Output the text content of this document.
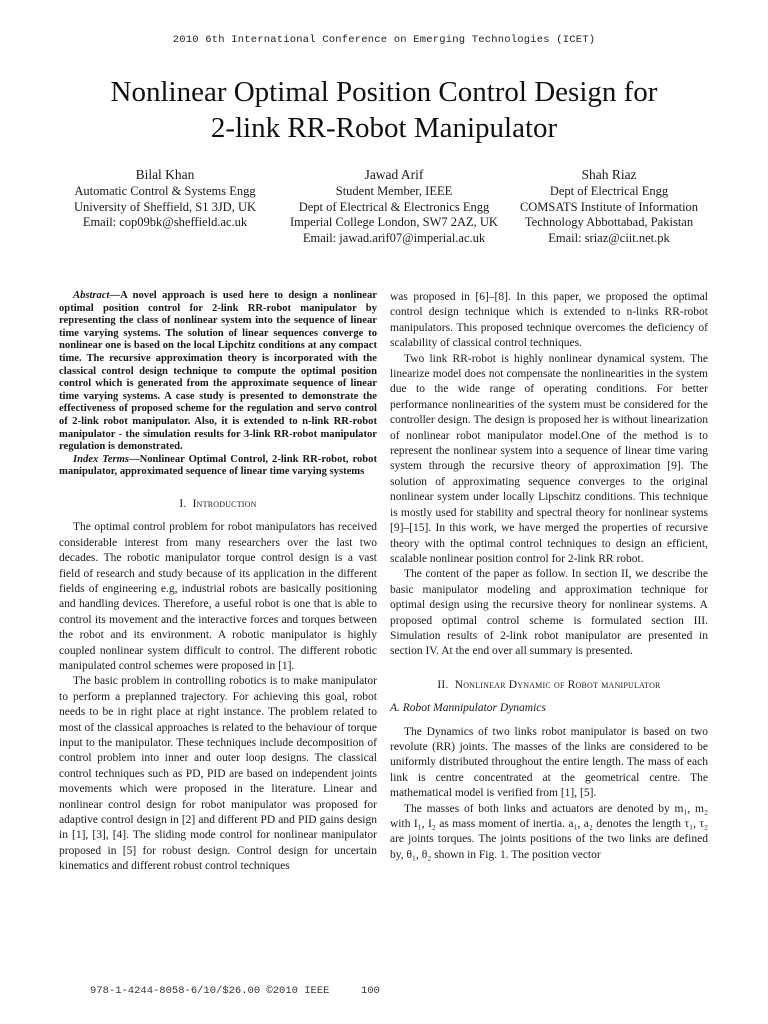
2010 6th International Conference on Emerging Technologies (ICET)
Nonlinear Optimal Position Control Design for
2-link RR-Robot Manipulator
Bilal Khan
Automatic Control & Systems Engg
University of Sheffield, S1 3JD, UK
Email: cop09bk@sheffield.ac.uk
Jawad Arif
Student Member, IEEE
Dept of Electrical & Electronics Engg
Imperial College London, SW7 2AZ, UK
Email: jawad.arif07@imperial.ac.uk
Shah Riaz
Dept of Electrical Engg
COMSATS Institute of Information
Technology Abbottabad, Pakistan
Email: sriaz@ciit.net.pk

Abstract—A novel approach is used here to design a nonlinear optimal position control for 2-link RR-robot manipulator by representing the class of nonlinear system into the sequence of linear time varying systems. The solution of linear sequences converge to nonlinear one is based on the local Lipchitz conditions at any compact time. The recursive approximation theory is incorporated with the classical control design technique to compute the optimal position control which is generated from the approximate sequence of linear time varying systems. A case study is presented to demonstrate the effectiveness of proposed scheme for the regulation and servo control of 2-link robot manipulator. Also, it is extended to n-link RR-robot manipulator - the simulation results for 3-link RR-robot manipulator regulation is demonstrated.

Index Terms—Nonlinear Optimal Control, 2-link RR-robot, robot manipulator, approximated sequence of linear time varying systems

I. Introduction

The optimal control problem for robot manipulators has received considerable interest from many researchers over the last two decades. The robotic manipulator torque control design is a vast field of research and study because of its application in the different fields of engineering e.g, industrial robots are basically positioning and handling devices. Therefore, a useful robot is one that is able to control its movement and the interactive forces and torques between the robot and its environment. A robotic manipulator is highly coupled nonlinear system difficult to control. The different robotic manipulated control schemes were proposed in [1].

The basic problem in controlling robotics is to make manipulator to perform a preplanned trajectory. For achieving this goal, robot needs to be in right place at right instance. The problem related to most of the classical approaches is related to the behaviour of torque input to the manipulator. These techniques include decomposition of control problem into inner and outer loop designs. The classical control techniques such as PD, PID are based on independent joints movements which were proposed in the literature. Linear and nonlinear control design for robot manipulator was proposed for adaptive control design in [2] and different PD and PID gains design in [1], [3], [4]. The sliding mode control for nonlinear manipulator proposed in [5] for robust design. Control design for uncertain kinematics and different robust control techniques

was proposed in [6]–[8]. In this paper, we proposed the optimal control design technique which is extended to n-links RR-robot manipulators. This proposed technique overcomes the deficiency of scalability of classical control techniques.

Two link RR-robot is highly nonlinear dynamical system. The linearize model does not compensate the nonlinearities in the system due to the wide range of operating conditions. For better performance nonlinearities of the system must be considered for the controller design. The design is proposed her is without linearization of nonlinear robot manipulator model.One of the method is to represent the nonlinear system into a sequence of linear time varing system through the recursive theory of approximation [9]. The solution of approximating sequence converges to the original nonlinear system under locally Lipschitz conditions. This technique is mostly used for stability and spectral theory for nonlinear systems [9]–[15]. In this work, we have merged the properties of recursive theory with the optimal control techniques to design an efficient, scalable nonlinear position control for 2-link RR robot.

The content of the paper as follow. In section II, we describe the basic manipulator modeling and approximation technique for optimal design using the recursive theory for nonlinear systems. A proposed optimal control scheme is formulated section III. Simulation results of 2-link robot manipulator are presented in section IV. At the end over all summary is presented.

II. Nonlinear Dynamic of Robot manipulator
A. Robot Mannipulator Dynamics

The Dynamics of two links robot manipulator is based on two revolute (RR) joints. The masses of the links are considered to be uniformly distributed throughout the entire length. The mass of each link is centre concentrated at the geometrical centre. The mathematical model is verified from [1], [5].

The masses of both links and actuators are denoted by m₁, m₂ with I₁, I₂ as mass moment of inertia. a₁, a₂ denotes the length τ₁, τ₂ are joints torques. The joints positions of the two links are defined by, θ₁, θ₂ shown in Fig. 1. The position vector

978-1-4244-8058-6/10/$26.00 ©2010 IEEE     100
